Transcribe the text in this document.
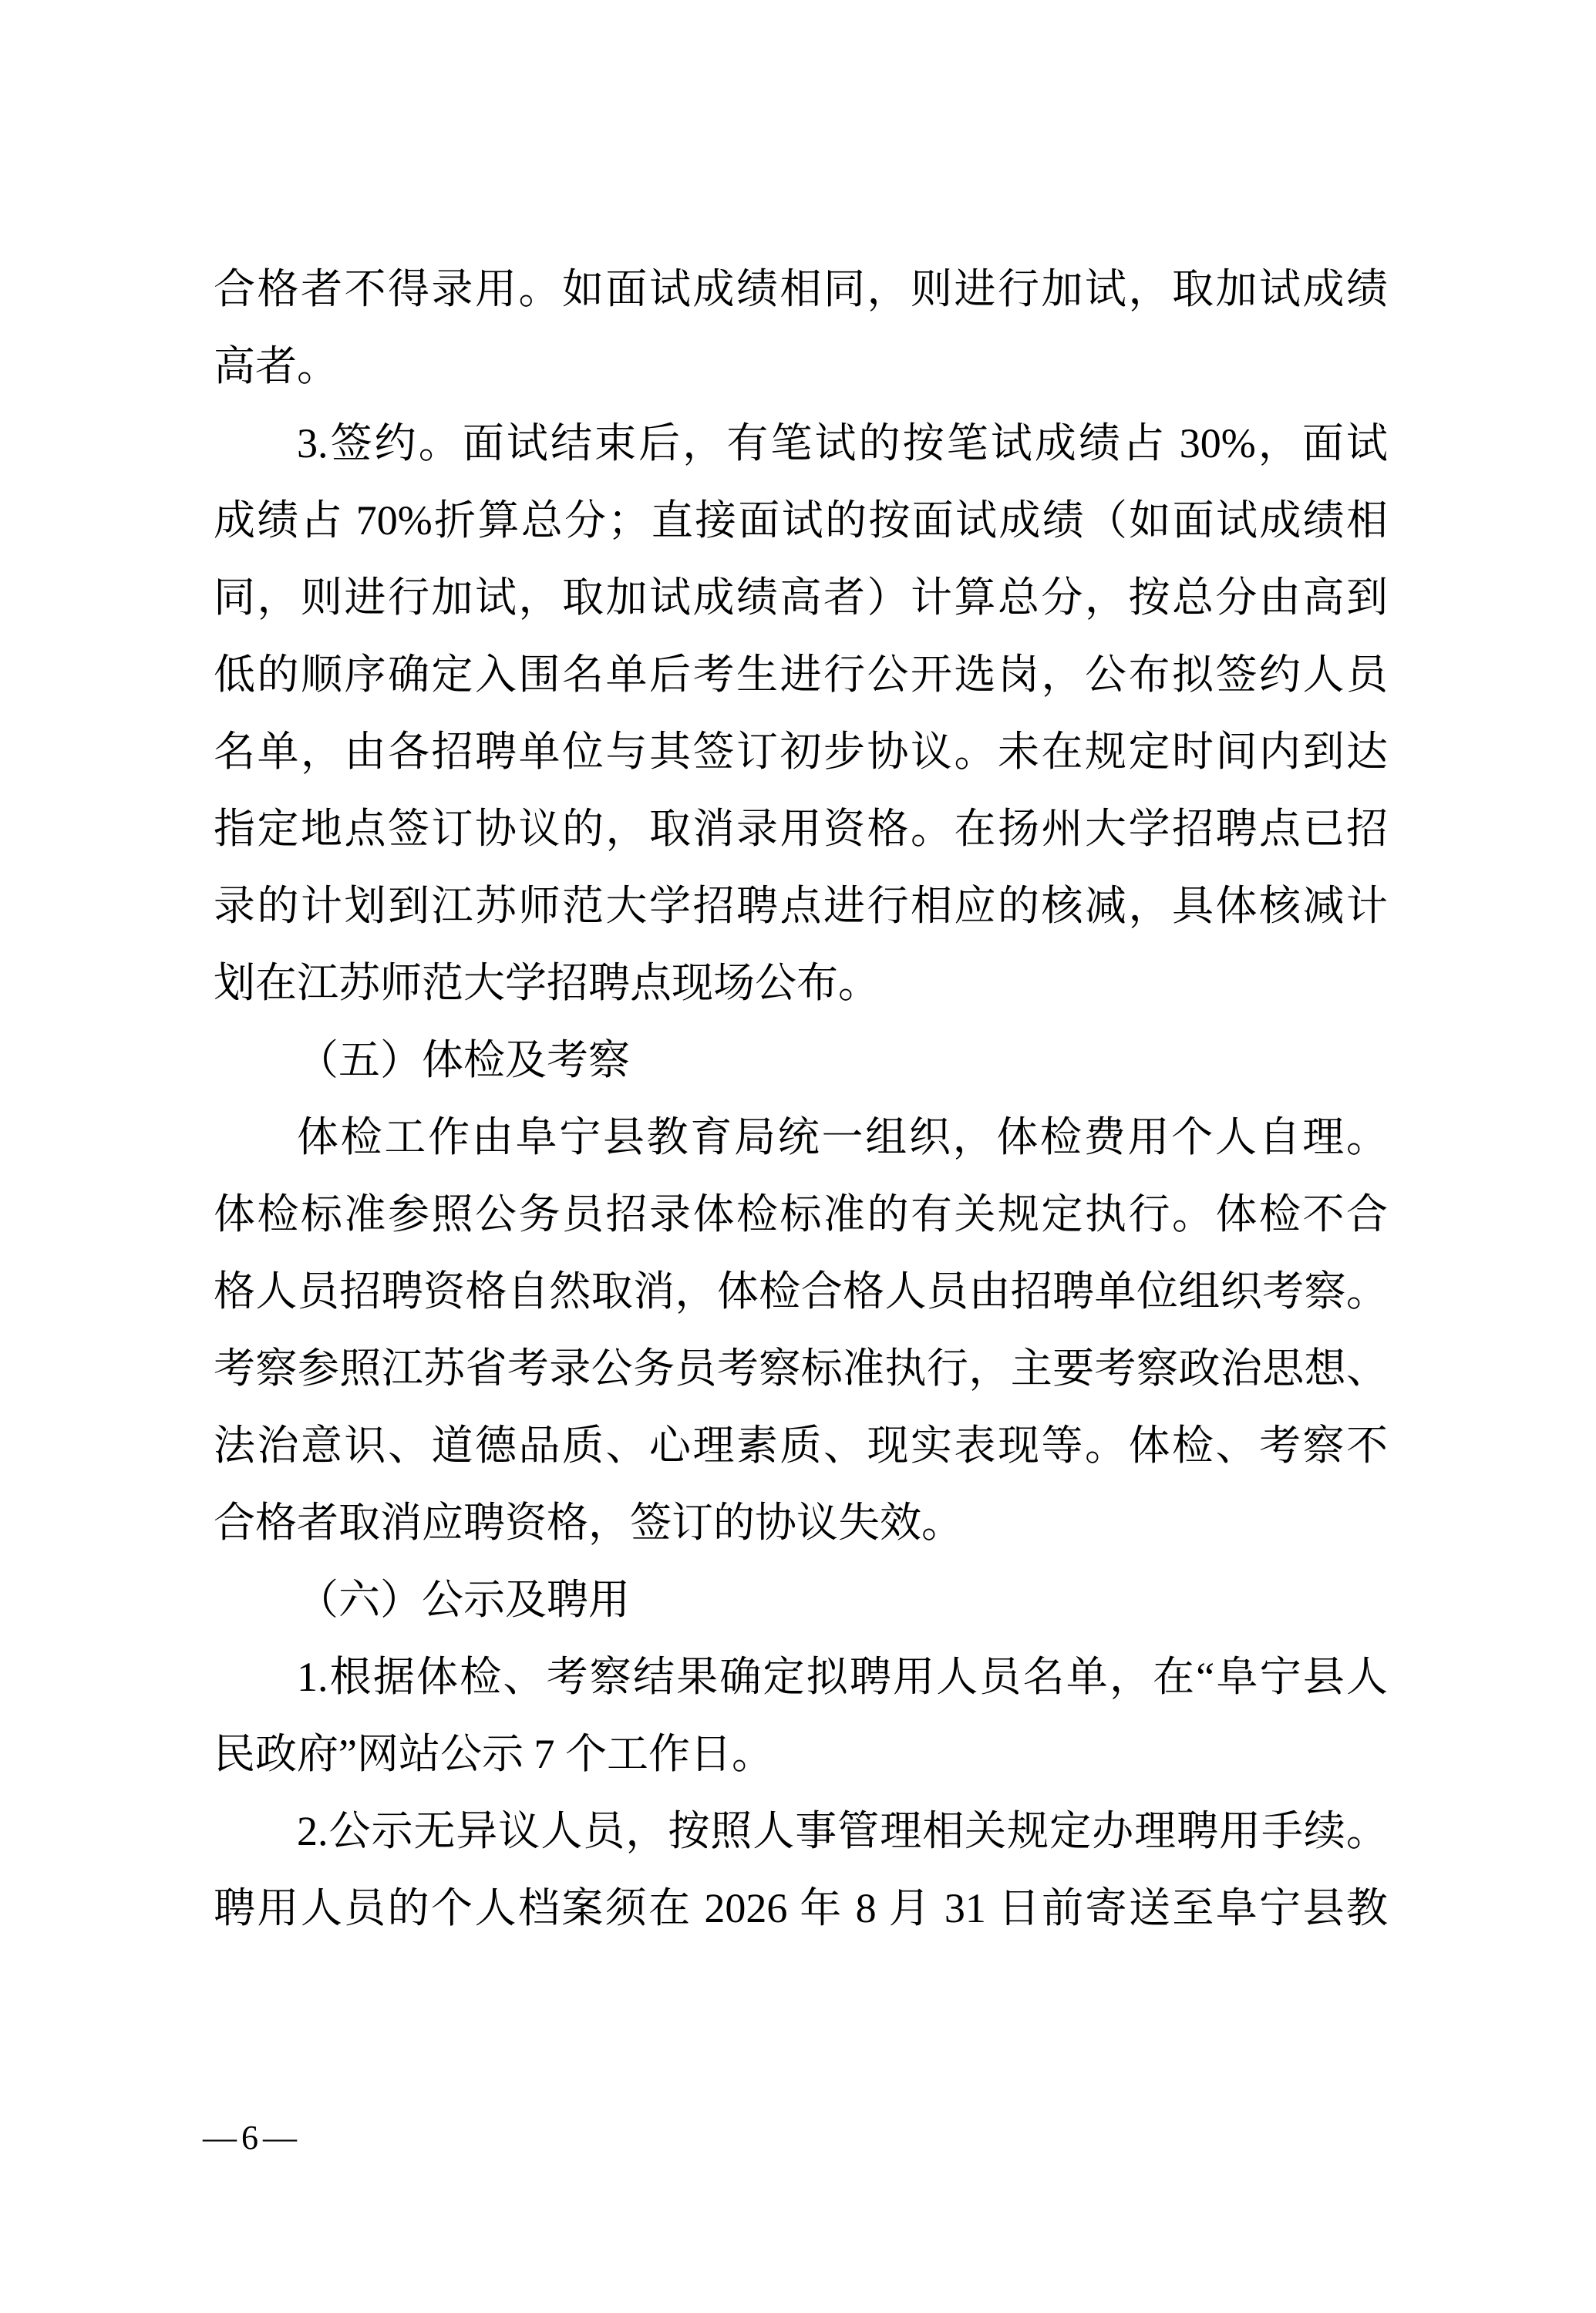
合格者不得录用。如面试成绩相同，则进行加试，取加试成绩

高者。

3.签约。面试结束后，有笔试的按笔试成绩占 30%，面试

成绩占 70%折算总分；直接面试的按面试成绩（如面试成绩相

同，则进行加试，取加试成绩高者）计算总分，按总分由高到

低的顺序确定入围名单后考生进行公开选岗，公布拟签约人员

名单，由各招聘单位与其签订初步协议。未在规定时间内到达

指定地点签订协议的，取消录用资格。在扬州大学招聘点已招

录的计划到江苏师范大学招聘点进行相应的核减，具体核减计

划在江苏师范大学招聘点现场公布。

（五）体检及考察

体检工作由阜宁县教育局统一组织，体检费用个人自理。

体检标准参照公务员招录体检标准的有关规定执行。体检不合

格人员招聘资格自然取消，体检合格人员由招聘单位组织考察。

考察参照江苏省考录公务员考察标准执行，主要考察政治思想、

法治意识、道德品质、心理素质、现实表现等。体检、考察不

合格者取消应聘资格，签订的协议失效。

（六）公示及聘用

1.根据体检、考察结果确定拟聘用人员名单，在“阜宁县人

民政府”网站公示 7 个工作日。

2.公示无异议人员，按照人事管理相关规定办理聘用手续。

聘用人员的个人档案须在 2026 年 8 月 31 日前寄送至阜宁县教

—6—
